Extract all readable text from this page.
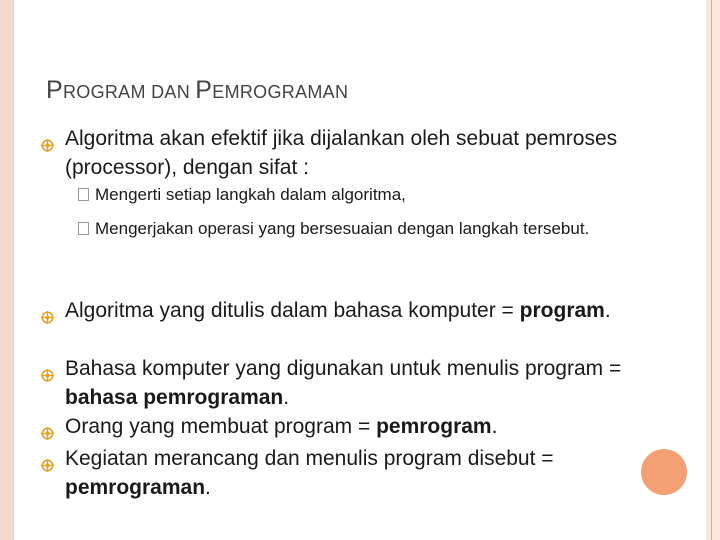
PROGRAM DAN PEMROGRAMAN
Algoritma akan efektif jika dijalankan oleh sebuat pemroses (processor), dengan sifat :
Mengerti setiap langkah dalam algoritma,
Mengerjakan operasi yang bersesuaian dengan langkah tersebut.
Algoritma yang ditulis dalam bahasa komputer = program.
Bahasa komputer yang digunakan untuk menulis program = bahasa pemrograman.
Orang yang membuat program = pemrogram.
Kegiatan merancang dan menulis program disebut = pemrograman.
